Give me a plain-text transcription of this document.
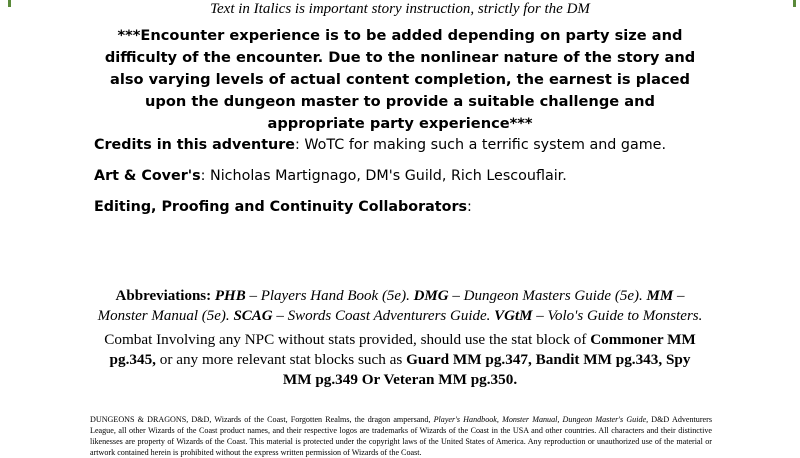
Text in Italics is important story instruction, strictly for the DM
***Encounter experience is to be added depending on party size and difficulty of the encounter. Due to the nonlinear nature of the story and also varying levels of actual content completion, the earnest is placed upon the dungeon master to provide a suitable challenge and appropriate party experience***
Credits in this adventure: WoTC for making such a terrific system and game.
Art & Cover's: Nicholas Martignago, DM's Guild, Rich Lescouflair.
Editing, Proofing and Continuity Collaborators:
Abbreviations: PHB – Players Hand Book (5e). DMG – Dungeon Masters Guide (5e). MM – Monster Manual (5e). SCAG – Swords Coast Adventurers Guide. VGtM – Volo's Guide to Monsters.
Combat Involving any NPC without stats provided, should use the stat block of Commoner MM pg.345, or any more relevant stat blocks such as Guard MM pg.347, Bandit MM pg.343, Spy MM pg.349 Or Veteran MM pg.350.
DUNGEONS & DRAGONS, D&D, Wizards of the Coast, Forgotten Realms, the dragon ampersand, Player's Handbook, Monster Manual, Dungeon Master's Guide, D&D Adventurers League, all other Wizards of the Coast product names, and their respective logos are trademarks of Wizards of the Coast in the USA and other countries. All characters and their distinctive likenesses are property of Wizards of the Coast. This material is protected under the copyright laws of the United States of America. Any reproduction or unauthorized use of the material or artwork contained herein is prohibited without the express written permission of Wizards of the Coast.
